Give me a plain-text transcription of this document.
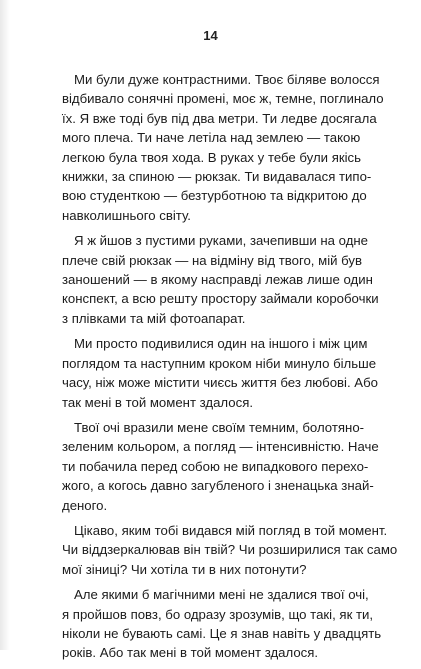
14

Ми були дуже контрастними. Твоє біляве волосся
відбивало сонячні промені, моє ж, темне, поглинало
їх. Я вже тоді був під два метри. Ти ледве досягала
мого плеча. Ти наче летіла над землею — такою
легкою була твоя хода. В руках у тебе були якісь
книжки, за спиною — рюкзак. Ти видавалася типо-
вою студенткою — безтурботною та відкритою до
навколишнього світу.

Я ж йшов з пустими руками, зачепивши на одне
плече свій рюкзак — на відміну від твого, мій був
заношений — в якому насправді лежав лише один
конспект, а всю решту простору займали коробочки
з плівками та мій фотоапарат.

Ми просто подивилися один на іншого і між цим
поглядом та наступним кроком ніби минуло більше
часу, ніж може містити чиєсь життя без любові. Або
так мені в той момент здалося.

Твої очі вразили мене своїм темним, болотяно-
зеленим кольором, а погляд — інтенсивністю. Наче
ти побачила перед собою не випадкового перехо-
жого, а когось давно загубленого і зненацька знай-
деного.

Цікаво, яким тобі видався мій погляд в той момент.
Чи віддзеркалював він твій? Чи розширилися так само
мої зіниці? Чи хотіла ти в них потонути?

Але якими б магічними мені не здалися твої очі,
я пройшов повз, бо одразу зрозумів, що такі, як ти,
ніколи не бувають самі. Це я знав навіть у двадцять
років. Або так мені в той момент здалося.
